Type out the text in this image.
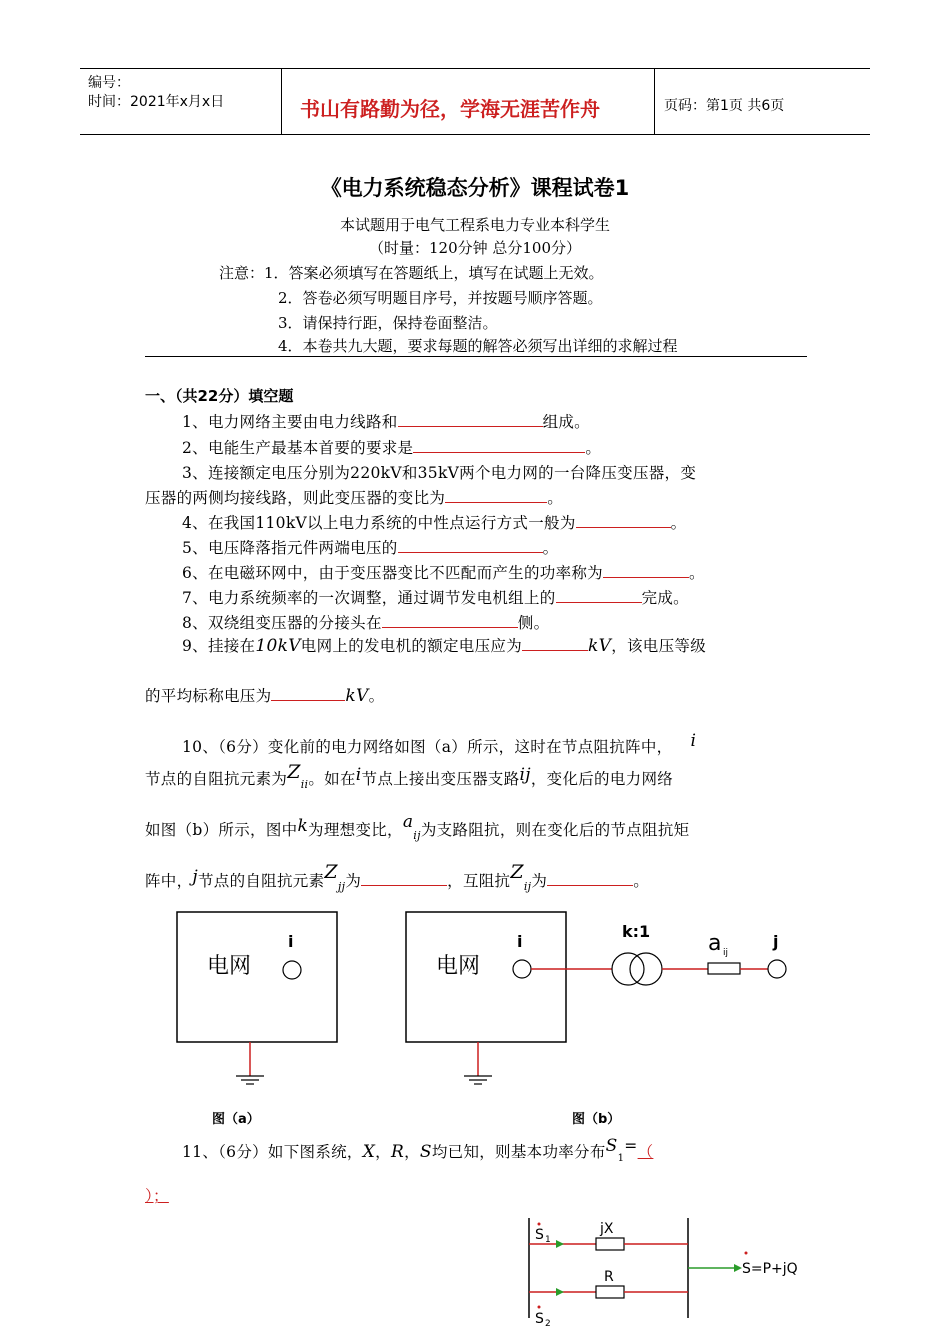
编号：
时间：2021年x月x日	书山有路勤为径，学海无涯苦作舟	页码：第1页 共6页
《电力系统稳态分析》课程试卷1
本试题用于电气工程系电力专业本科学生
（时量：120分钟 总分100分）
注意：1．答案必须填写在答题纸上，填写在试题上无效。
2．答卷必须写明题目序号，并按题号顺序答题。
3．请保持行距，保持卷面整洁。
4．本卷共九大题，要求每题的解答必须写出详细的求解过程
一、（共22分）填空题
1、电力网络主要由电力线路和	组成。
2、电能生产最基本首要的要求是	。
3、连接额定电压分别为220kV和35kV两个电力网的一台降压变压器，变
压器的两侧均接线路，则此变压器的变比为	。
4、在我国110kV以上电力系统的中性点运行方式一般为	。
5、电压降落指元件两端电压的	。
6、在电磁环网中，由于变压器变比不匹配而产生的功率称为	。
7、电力系统频率的一次调整，通过调节发电机组上的	完成。
8、双绕组变压器的分接头在	侧。
9、挂接在10kV电网上的发电机的额定电压应为	kV，该电压等级
的平均标称电压为	kV。
10、（6分）变化前的电力网络如图（a）所示，这时在节点阻抗阵中， i
节点的自阻抗元素为$Z_{ii}$。如在i节点上接出变压器支路ij，变化后的电力网络
如图（b）所示，图中k为理想变比，$a_{ij}$为支路阻抗，则在变化后的节点阻抗矩
阵中，j节点的自阻抗元素$Z_{jj}$为	，互阻抗$Z_{ij}$为	。
电网
i
图（a）
电网
i
k:1	a ij
j
图（b）
11、（6分）如下图系统，X，R，S均已知，则基本功率分布$S_1=$（
）；
S 1
jX
R
S 2
S=P+jQ
